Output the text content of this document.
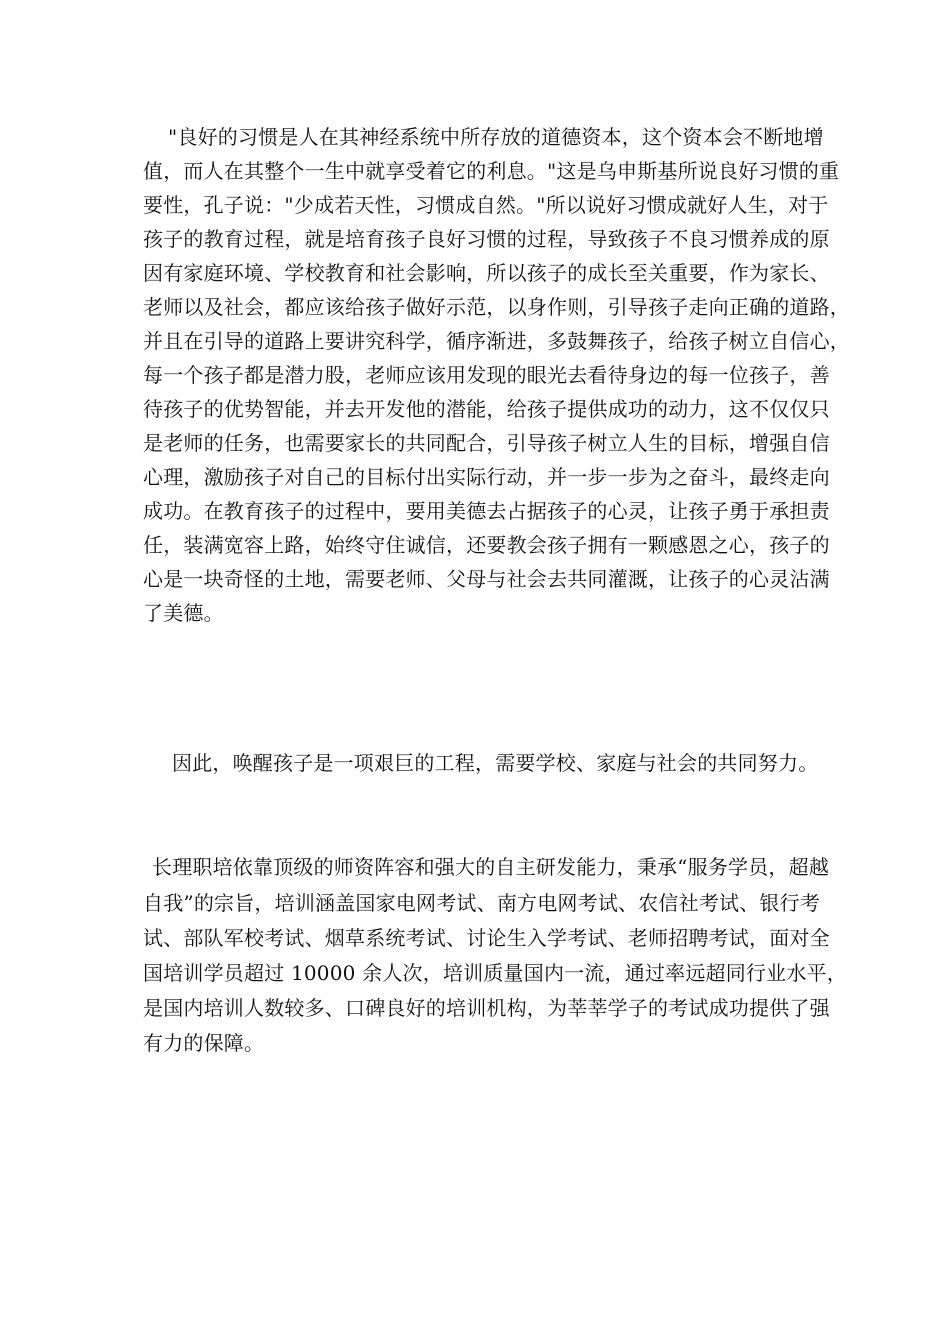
"良好的习惯是人在其神经系统中所存放的道德资本，这个资本会不断地增
值，而人在其整个一生中就享受着它的利息。"这是乌申斯基所说良好习惯的重
要性，孔子说："少成若天性，习惯成自然。"所以说好习惯成就好人生，对于
孩子的教育过程，就是培育孩子良好习惯的过程，导致孩子不良习惯养成的原
因有家庭环境、学校教育和社会影响，所以孩子的成长至关重要，作为家长、
老师以及社会，都应该给孩子做好示范，以身作则，引导孩子走向正确的道路，
并且在引导的道路上要讲究科学，循序渐进，多鼓舞孩子，给孩子树立自信心，
每一个孩子都是潜力股，老师应该用发现的眼光去看待身边的每一位孩子，善
待孩子的优势智能，并去开发他的潜能，给孩子提供成功的动力，这不仅仅只
是老师的任务，也需要家长的共同配合，引导孩子树立人生的目标，增强自信
心理，激励孩子对自己的目标付出实际行动，并一步一步为之奋斗，最终走向
成功。在教育孩子的过程中，要用美德去占据孩子的心灵，让孩子勇于承担责
任，装满宽容上路，始终守住诚信，还要教会孩子拥有一颗感恩之心，孩子的
心是一块奇怪的土地，需要老师、父母与社会去共同灌溉，让孩子的心灵沾满
了美德。
因此，唤醒孩子是一项艰巨的工程，需要学校、家庭与社会的共同努力。
长理职培依靠顶级的师资阵容和强大的自主研发能力，秉承“服务学员，超越
自我”的宗旨，培训涵盖国家电网考试、南方电网考试、农信社考试、银行考
试、部队军校考试、烟草系统考试、讨论生入学考试、老师招聘考试，面对全
国培训学员超过 10000 余人次，培训质量国内一流，通过率远超同行业水平，
是国内培训人数较多、口碑良好的培训机构，为莘莘学子的考试成功提供了强
有力的保障。
